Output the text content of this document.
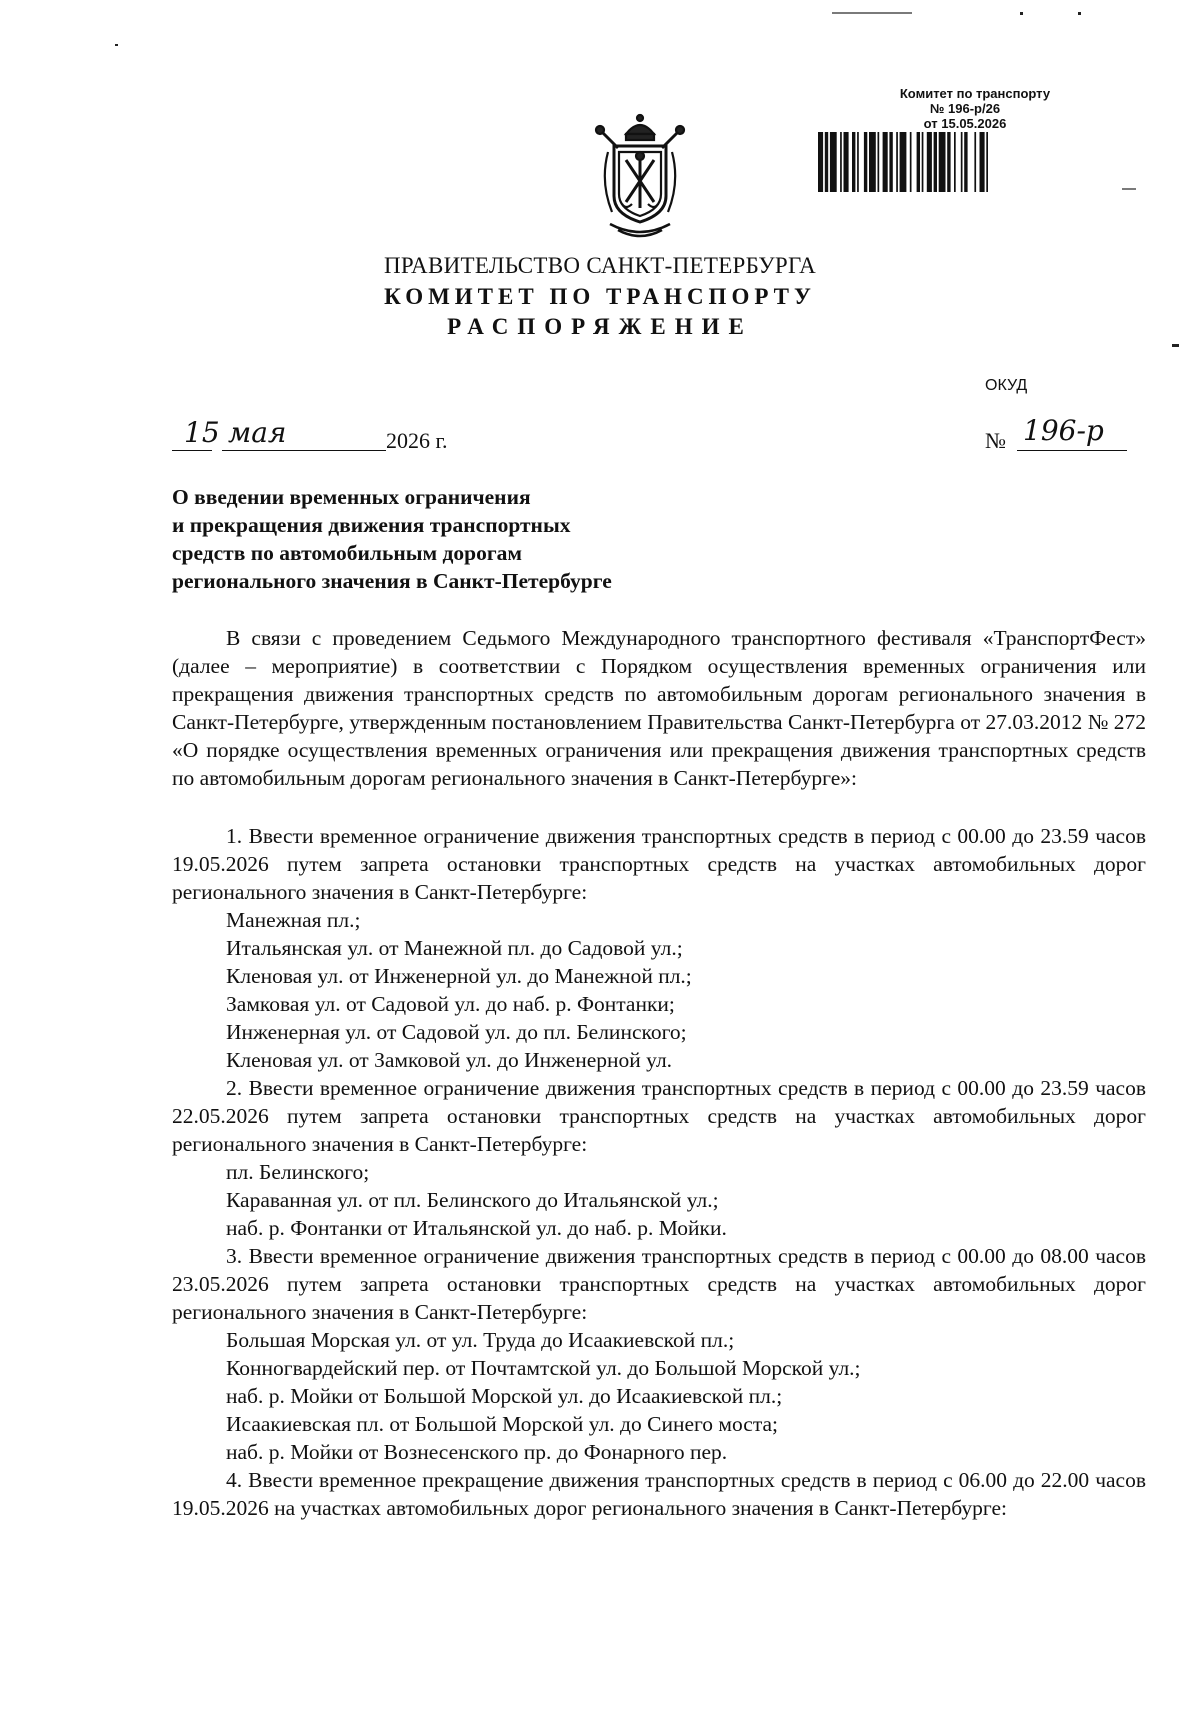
Комитет по транспорту
№ 196-р/26
от 15.05.2026
ПРАВИТЕЛЬСТВО САНКТ-ПЕТЕРБУРГА
КОМИТЕТ ПО ТРАНСПОРТУ
РАСПОРЯЖЕНИЕ
ОКУД
15 мая	2026 г.	№ 196-р
О введении временных ограничения
и прекращения движения транспортных
средств по автомобильным дорогам
регионального значения в Санкт-Петербурге

В связи с проведением Седьмого Международного транспортного фестиваля «ТранспортФест» (далее – мероприятие) в соответствии с Порядком осуществления временных ограничения или прекращения движения транспортных средств по автомобильным дорогам регионального значения в Санкт-Петербурге, утвержденным постановлением Правительства Санкт-Петербурга от 27.03.2012 № 272 «О порядке осуществления временных ограничения или прекращения движения транспортных средств по автомобильным дорогам регионального значения в Санкт-Петербурге»:

1. Ввести временное ограничение движения транспортных средств в период с 00.00 до 23.59 часов 19.05.2026 путем запрета остановки транспортных средств на участках автомобильных дорог регионального значения в Санкт-Петербурге:

Манежная пл.;
Итальянская ул. от Манежной пл. до Садовой ул.;
Кленовая ул. от Инженерной ул. до Манежной пл.;
Замковая ул. от Садовой ул. до наб. р. Фонтанки;
Инженерная ул. от Садовой ул. до пл. Белинского;
Кленовая ул. от Замковой ул. до Инженерной ул.

2. Ввести временное ограничение движения транспортных средств в период с 00.00 до 23.59 часов 22.05.2026 путем запрета остановки транспортных средств на участках автомобильных дорог регионального значения в Санкт-Петербурге:

пл. Белинского;
Караванная ул. от пл. Белинского до Итальянской ул.;
наб. р. Фонтанки от Итальянской ул. до наб. р. Мойки.

3. Ввести временное ограничение движения транспортных средств в период с 00.00 до 08.00 часов 23.05.2026 путем запрета остановки транспортных средств на участках автомобильных дорог регионального значения в Санкт-Петербурге:

Большая Морская ул. от ул. Труда до Исаакиевской пл.;
Конногвардейский пер. от Почтамтской ул. до Большой Морской ул.;
наб. р. Мойки от Большой Морской ул. до Исаакиевской пл.;
Исаакиевская пл. от Большой Морской ул. до Синего моста;
наб. р. Мойки от Вознесенского пр. до Фонарного пер.

4. Ввести временное прекращение движения транспортных средств в период с 06.00 до 22.00 часов 19.05.2026 на участках автомобильных дорог регионального значения в Санкт-Петербурге:
